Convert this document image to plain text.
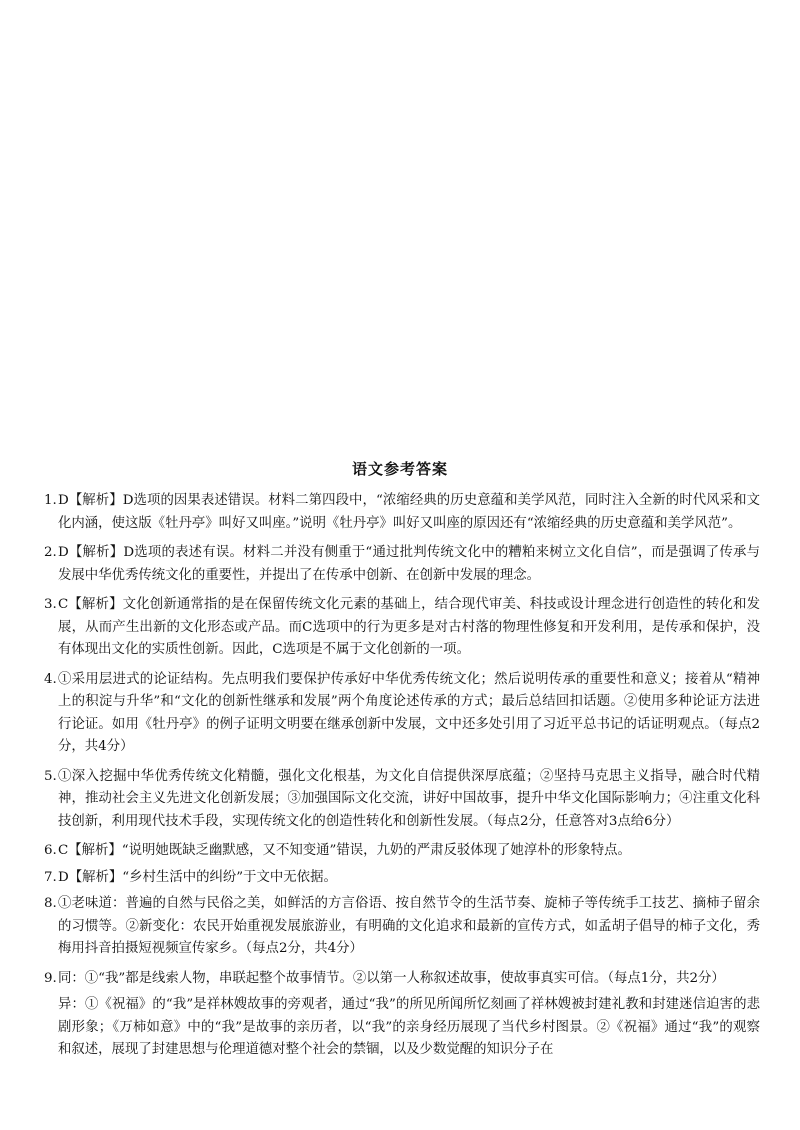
语文参考答案
1. D【解析】D选项的因果表述错误。材料二第四段中，“浓缩经典的历史意蕴和美学风范，同时注入全新的时代风采和文化内涵，使这版《牡丹亭》叫好又叫座。”说明《牡丹亭》叫好又叫座的原因还有“浓缩经典的历史意蕴和美学风范”。
2. D【解析】D选项的表述有误。材料二并没有侧重于“通过批判传统文化中的糟粕来树立文化自信”，而是强调了传承与发展中华优秀传统文化的重要性，并提出了在传承中创新、在创新中发展的理念。
3. C【解析】文化创新通常指的是在保留传统文化元素的基础上，结合现代审美、科技或设计理念进行创造性的转化和发展，从而产生出新的文化形态或产品。而C选项中的行为更多是对古村落的物理性修复和开发利用，是传承和保护，没有体现出文化的实质性创新。因此，C选项是不属于文化创新的一项。
4. ①采用层进式的论证结构。先点明我们要保护传承好中华优秀传统文化；然后说明传承的重要性和意义；接着从“精神上的积淀与升华”和“文化的创新性继承和发展”两个角度论述传承的方式；最后总结回扣话题。②使用多种论证方法进行论证。如用《牡丹亭》的例子证明文明要在继承创新中发展，文中还多处引用了习近平总书记的话证明观点。（每点2分，共4分）
5. ①深入挖掘中华优秀传统文化精髓，强化文化根基，为文化自信提供深厚底蕴；②坚持马克思主义指导，融合时代精神，推动社会主义先进文化创新发展；③加强国际文化交流，讲好中国故事，提升中华文化国际影响力；④注重文化科技创新，利用现代技术手段，实现传统文化的创造性转化和创新性发展。（每点2分，任意答对3点给6分）
6. C【解析】“说明她既缺乏幽默感，又不知变通”错误，九奶的严肃反驳体现了她淳朴的形象特点。
7. D【解析】“乡村生活中的纠纷”于文中无依据。
8. ①老味道：普遍的自然与民俗之美，如鲜活的方言俗语、按自然节令的生活节奏、旋柿子等传统手工技艺、摘柿子留余的习惯等。②新变化：农民开始重视发展旅游业，有明确的文化追求和最新的宣传方式，如孟胡子倡导的柿子文化，秀梅用抖音拍摄短视频宣传家乡。（每点2分，共4分）
9. 同：①“我”都是线索人物，串联起整个故事情节。②以第一人称叙述故事，使故事真实可信。（每点1分，共2分）
异：①《祝福》的“我”是祥林嫂故事的旁观者，通过“我”的所见所闻所忆刻画了祥林嫂被封建礼教和封建迷信迫害的悲剧形象；《万柿如意》中的“我”是故事的亲历者，以“我”的亲身经历展现了当代乡村图景。②《祝福》通过“我”的观察和叙述，展现了封建思想与伦理道德对整个社会的禁锢，以及少数觉醒的知识分子在
